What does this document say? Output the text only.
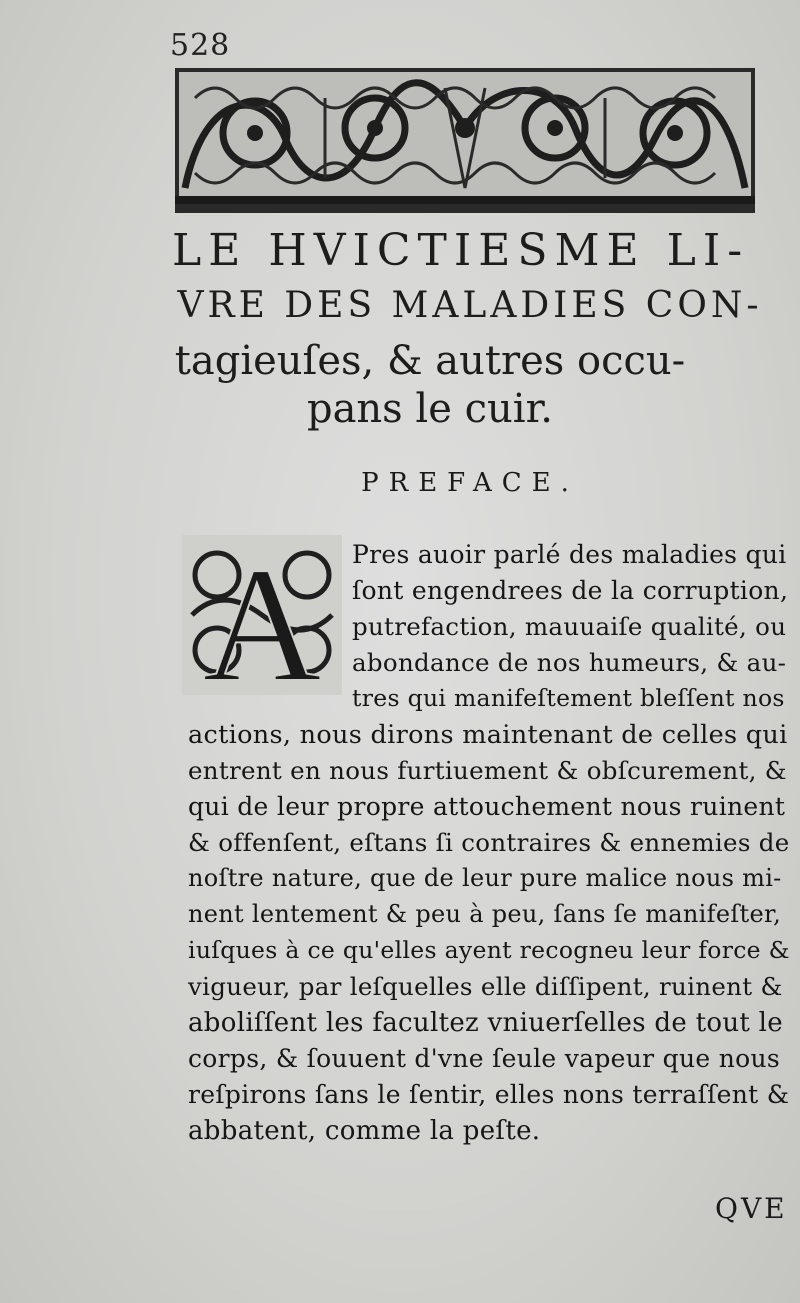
528
LE HVICTIESME LI-
VRE DES MALADIES CON-
tagieuſes, & autres occu-
pans le cuir.
PREFACE.
A Pres auoir parlé des maladies qui
ſont engendrees de la corruption,
putrefaction, mauuaiſe qualité, ou
abondance de nos humeurs, & au-
tres qui manifeſtement bleſſent nos
actions, nous dirons maintenant de celles qui
entrent en nous furtiuement & obſcurement, &
qui de leur propre attouchement nous ruinent
& offenſent, eſtans ſi contraires & ennemies de
noſtre nature, que de leur pure malice nous mi-
nent lentement & peu à peu, ſans ſe manifeſter,
iuſques à ce qu'elles ayent recogneu leur force &
vigueur, par leſquelles elle diſſipent, ruinent &
aboliſſent les facultez vniuerſelles de tout le
corps, & ſouuent d'vne ſeule vapeur que nous
reſpirons ſans le ſentir, elles nons terraſſent &
abbatent, comme la peſte.
QVE
